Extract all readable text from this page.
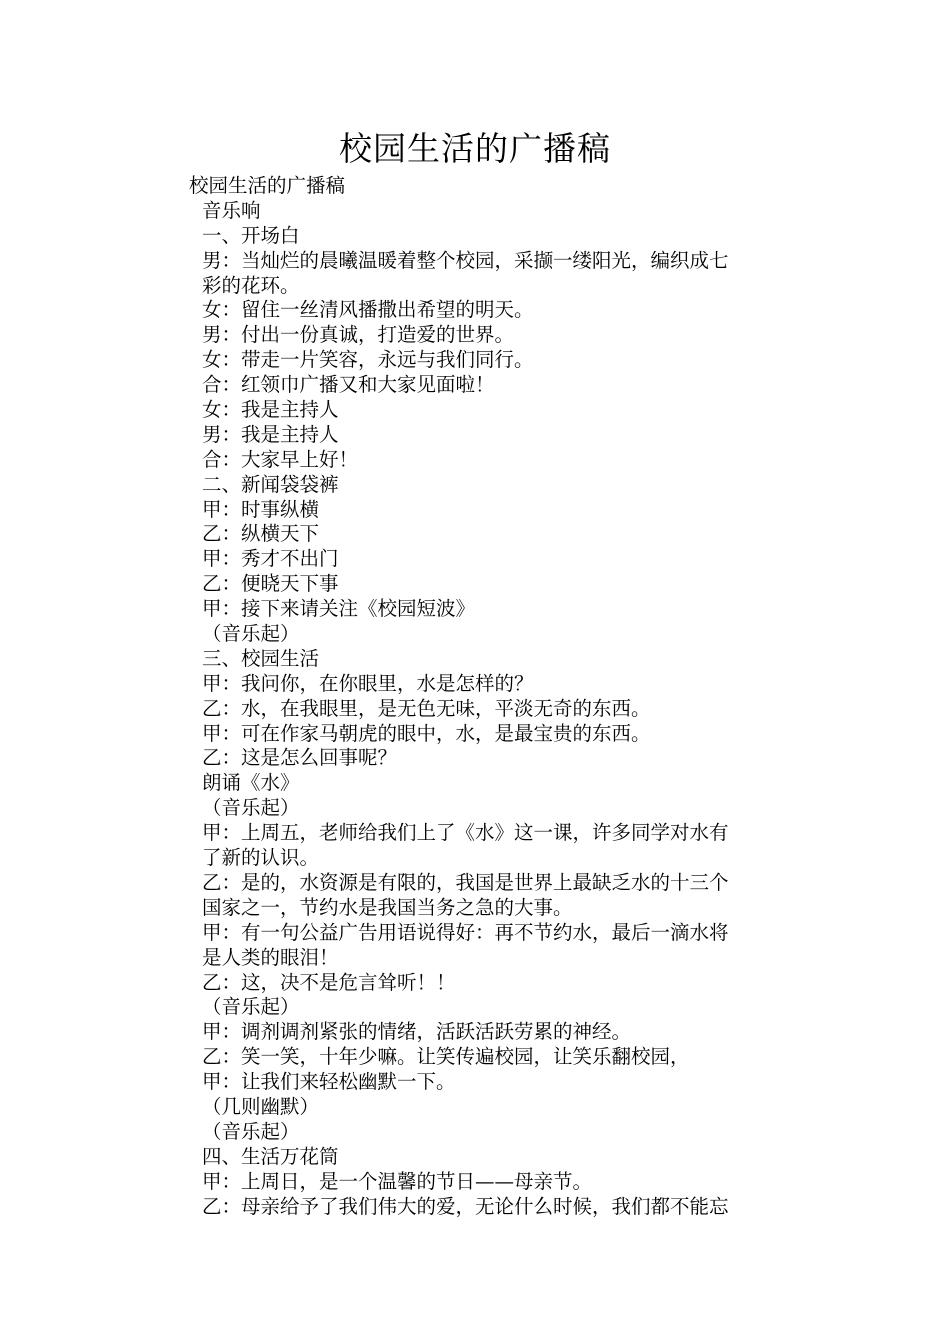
校园生活的广播稿
校园生活的广播稿
音乐响
一、开场白
男：当灿烂的晨曦温暖着整个校园，采撷一缕阳光，编织成七
彩的花环。
女：留住一丝清风播撒出希望的明天。
男：付出一份真诚，打造爱的世界。
女：带走一片笑容，永远与我们同行。
合：红领巾广播又和大家见面啦！
女：我是主持人
男：我是主持人
合：大家早上好！
二、新闻袋袋裤
甲：时事纵横
乙：纵横天下
甲：秀才不出门
乙：便晓天下事
甲：接下来请关注《校园短波》
（音乐起）
三、校园生活
甲：我问你，在你眼里，水是怎样的？
乙：水，在我眼里，是无色无味，平淡无奇的东西。
甲：可在作家马朝虎的眼中，水，是最宝贵的东西。
乙：这是怎么回事呢？
朗诵《水》
（音乐起）
甲：上周五，老师给我们上了《水》这一课，许多同学对水有
了新的认识。
乙：是的，水资源是有限的，我国是世界上最缺乏水的十三个
国家之一，节约水是我国当务之急的大事。
甲：有一句公益广告用语说得好：再不节约水，最后一滴水将
是人类的眼泪！
乙：这，决不是危言耸听！！
（音乐起）
甲：调剂调剂紧张的情绪，活跃活跃劳累的神经。
乙：笑一笑，十年少嘛。让笑传遍校园，让笑乐翻校园，
甲：让我们来轻松幽默一下。
（几则幽默）
（音乐起）
四、生活万花筒
甲：上周日，是一个温馨的节日——母亲节。
乙：母亲给予了我们伟大的爱，无论什么时候，我们都不能忘
